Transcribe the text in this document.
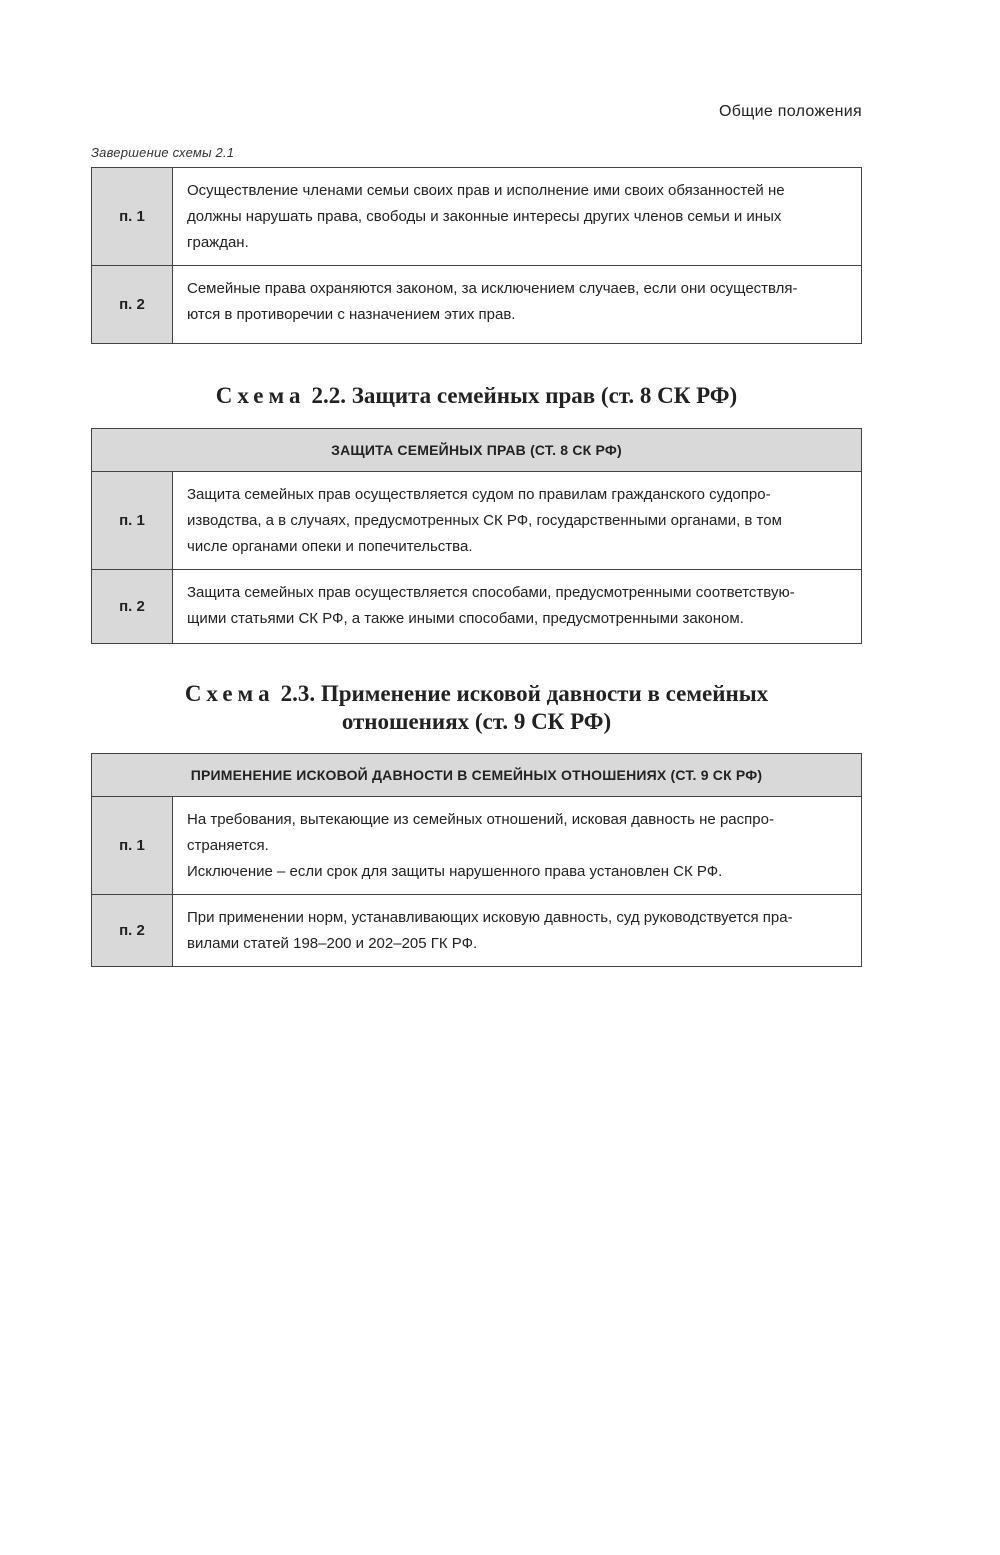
Общие положения
Завершение схемы 2.1
п. 1
Осуществление членами семьи своих прав и исполнение ими своих обязанностей не
должны нарушать права, свободы и законные интересы других членов семьи и иных
граждан.
п. 2
Семейные права охраняются законом, за исключением случаев, если они осуществля-
ются в противоречии с назначением этих прав.
Схема 2.2. Защита семейных прав (ст. 8 СК РФ)
ЗАЩИТА СЕМЕЙНЫХ ПРАВ (СТ. 8 СК РФ)
п. 1
Защита семейных прав осуществляется судом по правилам гражданского судопро-
изводства, а в случаях, предусмотренных СК РФ, государственными органами, в том
числе органами опеки и попечительства.
п. 2
Защита семейных прав осуществляется способами, предусмотренными соответствую-
щими статьями СК РФ, а также иными способами, предусмотренными законом.
Схема 2.3. Применение исковой давности в семейных
отношениях (ст. 9 СК РФ)
ПРИМЕНЕНИЕ ИСКОВОЙ ДАВНОСТИ В СЕМЕЙНЫХ ОТНОШЕНИЯХ (СТ. 9 СК РФ)
п. 1
На требования, вытекающие из семейных отношений, исковая давность не распро-
страняется.
Исключение – если срок для защиты нарушенного права установлен СК РФ.
п. 2
При применении норм, устанавливающих исковую давность, суд руководствуется пра-
вилами статей 198–200 и 202–205 ГК РФ.
